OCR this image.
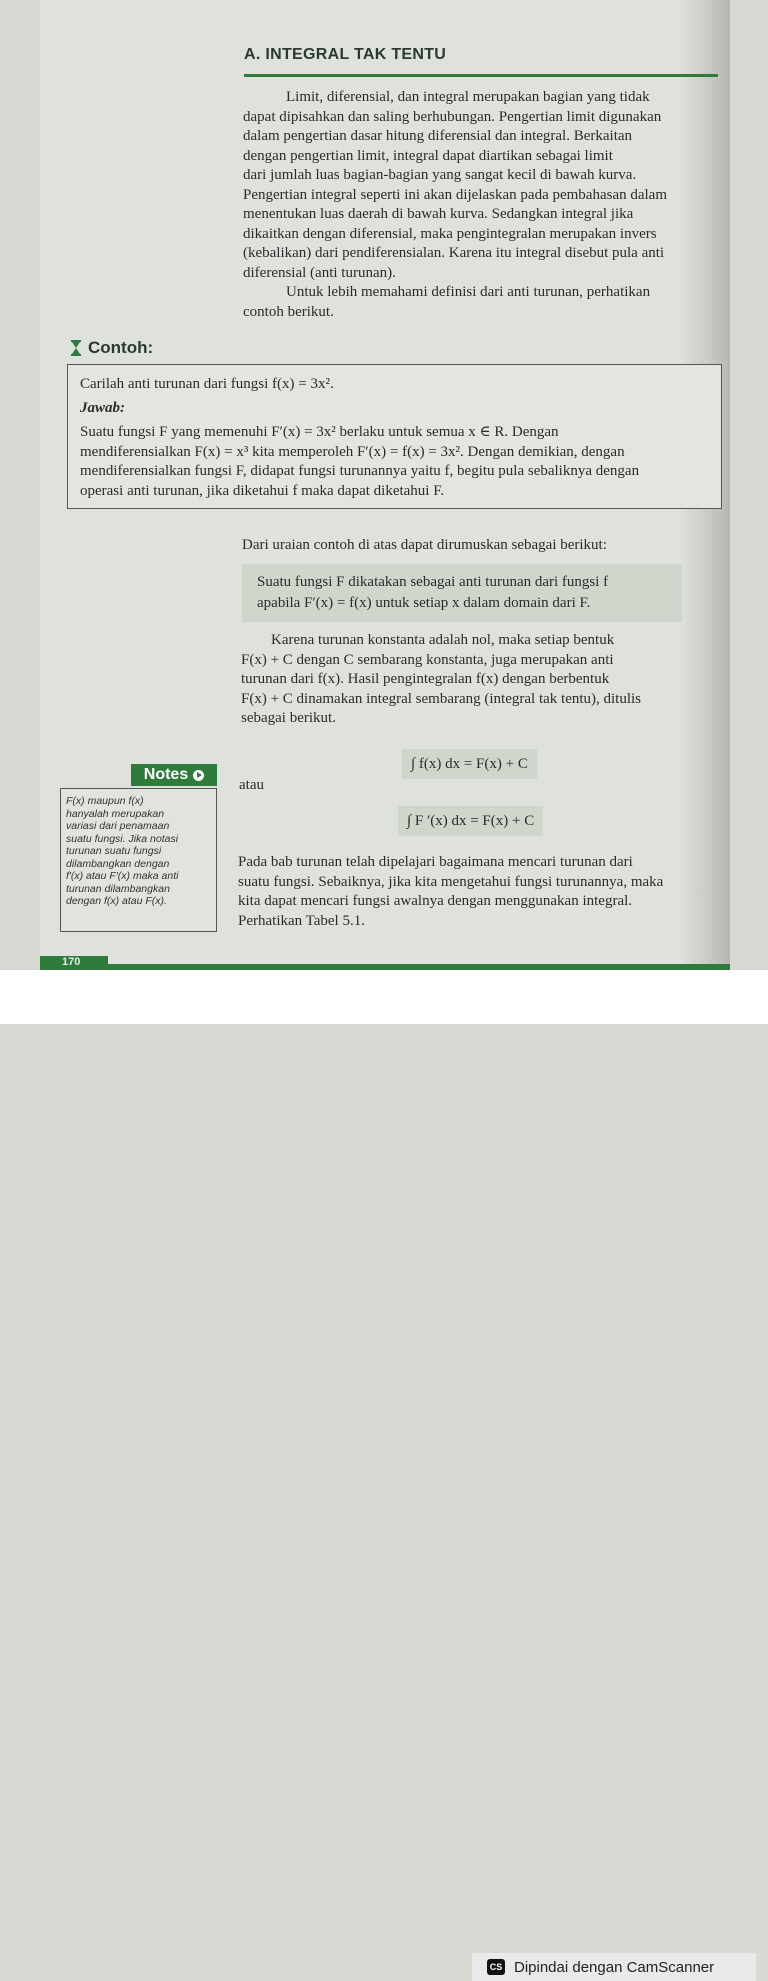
A. INTEGRAL TAK TENTU
Limit, diferensial, dan integral merupakan bagian yang tidak
dapat dipisahkan dan saling berhubungan. Pengertian limit digunakan
dalam pengertian dasar hitung diferensial dan integral. Berkaitan
dengan pengertian limit, integral dapat diartikan sebagai limit
dari jumlah luas bagian-bagian yang sangat kecil di bawah kurva.
Pengertian integral seperti ini akan dijelaskan pada pembahasan dalam
menentukan luas daerah di bawah kurva. Sedangkan integral jika
dikaitkan dengan diferensial, maka pengintegralan merupakan invers
(kebalikan) dari pendiferensialan. Karena itu integral disebut pula anti
diferensial (anti turunan).
Untuk lebih memahami definisi dari anti turunan, perhatikan
contoh berikut.
Contoh:
Carilah anti turunan dari fungsi f(x) = 3x².
Jawab:
Suatu fungsi F yang memenuhi F′(x) = 3x² berlaku untuk semua x ∈ R. Dengan
mendiferensialkan F(x) = x³ kita memperoleh F′(x) = f(x) = 3x². Dengan demikian, dengan
mendiferensialkan fungsi F, didapat fungsi turunannya yaitu f, begitu pula sebaliknya dengan
operasi anti turunan, jika diketahui f maka dapat diketahui F.
Dari uraian contoh di atas dapat dirumuskan sebagai berikut:
Suatu fungsi F dikatakan sebagai anti turunan dari fungsi f
apabila F′(x) = f(x) untuk setiap x dalam domain dari F.
Karena turunan konstanta adalah nol, maka setiap bentuk
F(x) + C dengan C sembarang konstanta, juga merupakan anti
turunan dari f(x). Hasil pengintegralan f(x) dengan berbentuk
F(x) + C dinamakan integral sembarang (integral tak tentu), ditulis
sebagai berikut.
∫ f(x) dx = F(x) + C
atau
∫ F ′(x) dx = F(x) + C
Notes
F(x) maupun f(x)
hanyalah merupakan
variasi dari penamaan
suatu fungsi. Jika notasi
turunan suatu fungsi
dilambangkan dengan
f′(x) atau F′(x) maka anti
turunan dilambangkan
dengan f(x) atau F(x).
Pada bab turunan telah dipelajari bagaimana mencari turunan dari
suatu fungsi. Sebaiknya, jika kita mengetahui fungsi turunannya, maka
kita dapat mencari fungsi awalnya dengan menggunakan integral.
Perhatikan Tabel 5.1.
170
CS Dipindai dengan CamScanner
